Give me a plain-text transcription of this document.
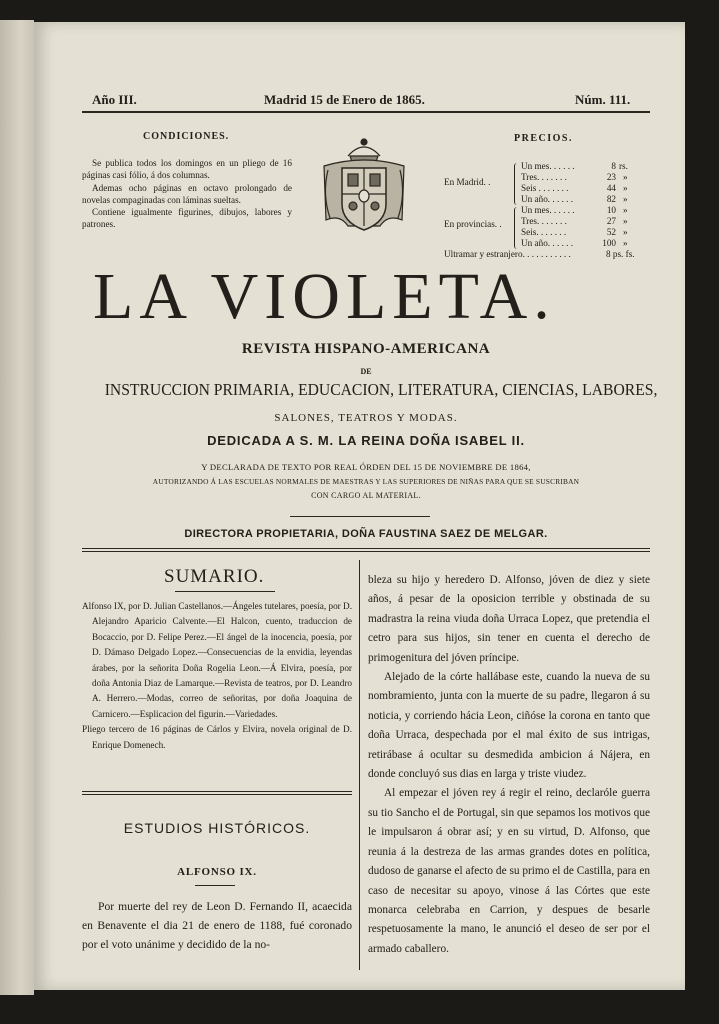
Año III.	Madrid 15 de Enero de 1865.	Núm. 111.
CONDICIONES.

Se publica todos los domingos en un pliego de 16 páginas casi fólio, á dos columnas.

Ademas ocho páginas en octavo prolongado de novelas compaginadas con láminas sueltas.

Contiene igualmente figurines, dibujos, labores y patrones.

PRECIOS.
En Madrid. .
Un mes. . . . . .	8 rs.
Tres. . . . . . .	23 »
Seis . . . . . . .	44 »
Un año. . . . . .	82 »
En provincias. .
Un mes. . . . . .	10 »
Tres. . . . . . .	27 »
Seis. . . . . . .	52 »
Un año. . . . . .	100 »
Ultramar y estranjero. . . . . . . . . . .	8 ps. fs.
LA VIOLETA.
REVISTA HISPANO-AMERICANA
DE
INSTRUCCION PRIMARIA, EDUCACION, LITERATURA, CIENCIAS, LABORES,
SALONES, TEATROS Y MODAS.
DEDICADA A S. M. LA REINA DOÑA ISABEL II.
Y DECLARADA DE TEXTO POR REAL ÓRDEN DEL 15 DE NOVIEMBRE DE 1864,
AUTORIZANDO Á LAS ESCUELAS NORMALES DE MAESTRAS Y LAS SUPERIORES DE NIÑAS PARA QUE SE SUSCRIBAN
CON CARGO AL MATERIAL.
DIRECTORA PROPIETARIA, DOÑA FAUSTINA SAEZ DE MELGAR.
SUMARIO.

Alfonso IX, por D. Julian Castellanos.—Ángeles tutelares, poesía, por D. Alejandro Aparicio Calvente.—El Halcon, cuento, traduccion de Bocaccio, por D. Felipe Perez.—El ángel de la inocencia, poesía, por D. Dámaso Delgado Lopez.—Consecuencias de la envidia, leyendas árabes, por la señorita Doña Rogelia Leon.—Á Elvira, poesía, por doña Antonia Diaz de Lamarque.—Revista de teatros, por D. Leandro A. Herrero.—Modas, correo de señoritas, por doña Joaquina de Carnicero.—Esplicacion del figurin.—Variedades.

Pliego tercero de 16 páginas de Cárlos y Elvira, novela original de D. Enrique Domenech.

ESTUDIOS HISTÓRICOS.
ALFONSO IX.

Por muerte del rey de Leon D. Fernando II, acaecida en Benavente el dia 21 de enero de 1188, fué coronado por el voto unánime y decidido de la no-

bleza su hijo y heredero D. Alfonso, jóven de diez y siete años, á pesar de la oposicion terrible y obstinada de su madrastra la reina viuda doña Urraca Lopez, que pretendia el cetro para sus hijos, sin tener en cuenta el derecho de primogenitura del jóven príncipe.

Alejado de la córte hallábase este, cuando la nueva de su nombramiento, junta con la muerte de su padre, llegaron á su noticia, y corriendo hácia Leon, ciñóse la corona en tanto que doña Urraca, despechada por el mal éxito de sus intrigas, retirábase á ocultar su desmedida ambicion á Nájera, en donde concluyó sus dias en larga y triste viudez.

Al empezar el jóven rey á regir el reino, declaróle guerra su tio Sancho el de Portugal, sin que sepamos los motivos que le impulsaron á obrar así; y en su virtud, D. Alfonso, que reunia á la destreza de las armas grandes dotes en política, dudoso de ganarse el afecto de su primo el de Castilla, para en caso de necesitar su apoyo, vinose á las Córtes que este monarca celebraba en Carrion, y despues de besarle respetuosamente la mano, le anunció el deseo de ser por el armado caballero.
